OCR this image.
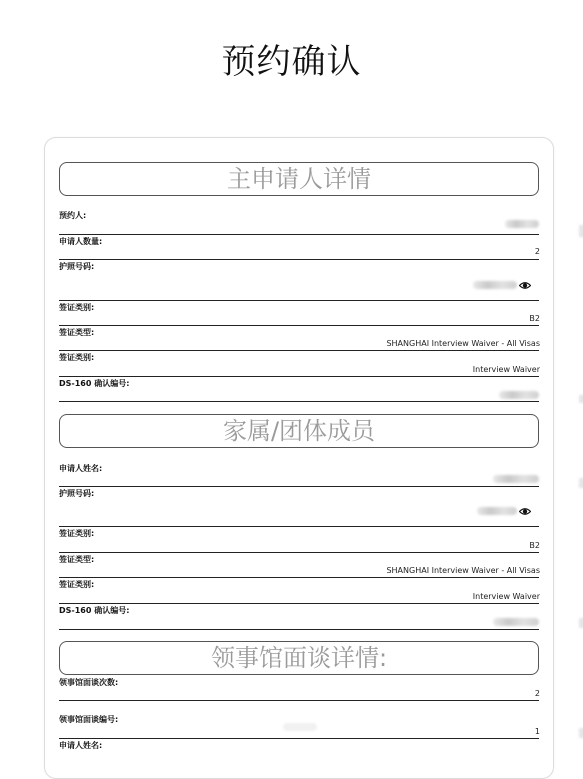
预约确认
主申请人详情
预约人:
申请人数量:
2
护照号码:
签证类别:
B2
签证类型:
SHANGHAI Interview Waiver - All Visas
签证类别:
Interview Waiver
DS-160 确认编号:
家属/团体成员
申请人姓名:
护照号码:
签证类别:
B2
签证类型:
SHANGHAI Interview Waiver - All Visas
签证类别:
Interview Waiver
DS-160 确认编号:
领事馆面谈详情:
领事馆面谈次数:
2
领事馆面谈编号:
1
申请人姓名:
